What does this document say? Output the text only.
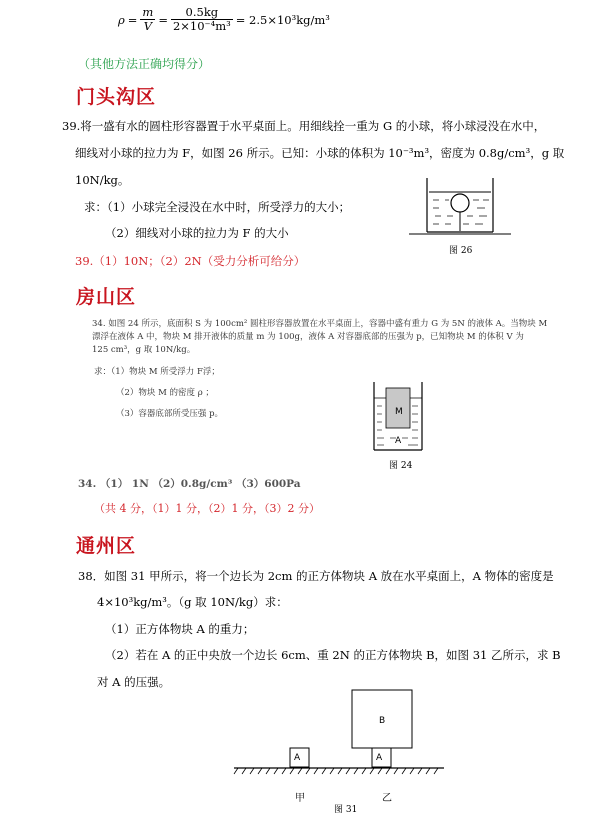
$\rho = \frac{m}{V} = \frac{0.5kg}{\text{2×10⁻⁴m³}} = 2.5\times 10^3kg/m^3$
（其他方法正确均得分）
门头沟区
39.将一盛有水的圆柱形容器置于水平桌面上。用细线拴一重为 G 的小球，将小球浸没在水中，
细线对小球的拉力为 F，如图 26 所示。已知：小球的体积为 10⁻³m³，密度为 0.8g/cm³，g 取
10N/kg。
求：（1）小球完全浸没在水中时，所受浮力的大小；
（2）细线对小球的拉力为 F 的大小
图 26
39.（1）10N；（2）2N（受力分析可给分）
房山区
34. 如图 24 所示，底面积 S 为 100cm² 圆柱形容器放置在水平桌面上，容器中盛有重力 G 为 5N 的液体 A。当物块 M
漂浮在液体 A 中，物块 M 排开液体的质量 m 为 100g，液体 A 对容器底部的压强为 p，已知物块 M 的体积 V 为
125 cm³，g 取 10N/kg。
求：（1）物块 M 所受浮力 F浮；
（2）物块 M 的密度 ρ ；
（3）容器底部所受压强 p。	M
A
图 24
34. （1） 1N （2）0.8g/cm³ （3）600Pa
（共 4 分，（1）1 分，（2）1 分，（3）2 分）
通州区
38．如图 31 甲所示，将一个边长为 2cm 的正方体物块 A 放在水平桌面上，A 物体的密度是
4×10³kg/m³。（g 取 10N/kg）求：
（1）正方体物块 A 的重力；
（2）若在 A 的正中央放一个边长 6cm、重 2N 的正方体物块 B，如图 31 乙所示，求 B
对 A 的压强。
B
A	A
甲	乙
图 31
